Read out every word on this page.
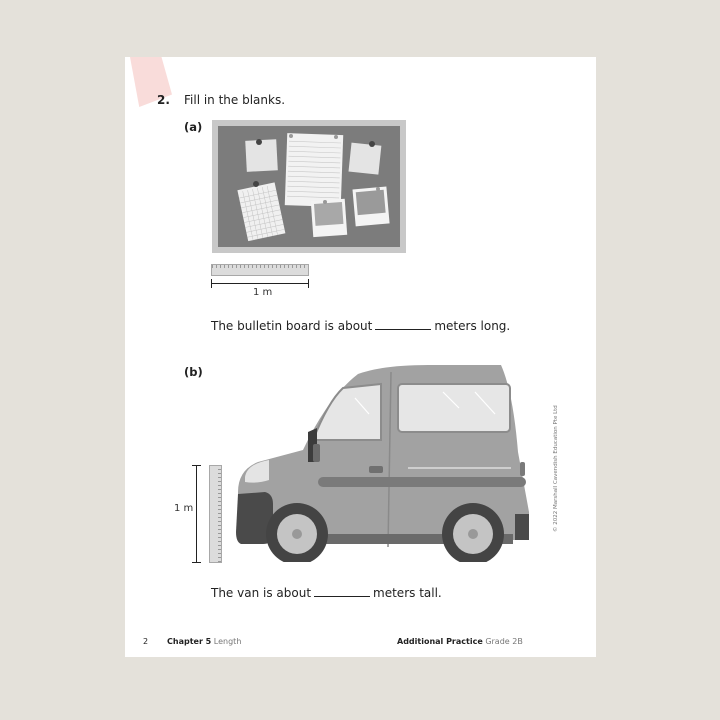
2. Fill in the blanks.
(a)
1 m
The bulletin board is about	meters long.
(b)
1 m	© 2022 Marshall Cavendish Education Pte Ltd
The van is about	meters tall.
2 Chapter 5 Length	Additional Practice Grade 2B
